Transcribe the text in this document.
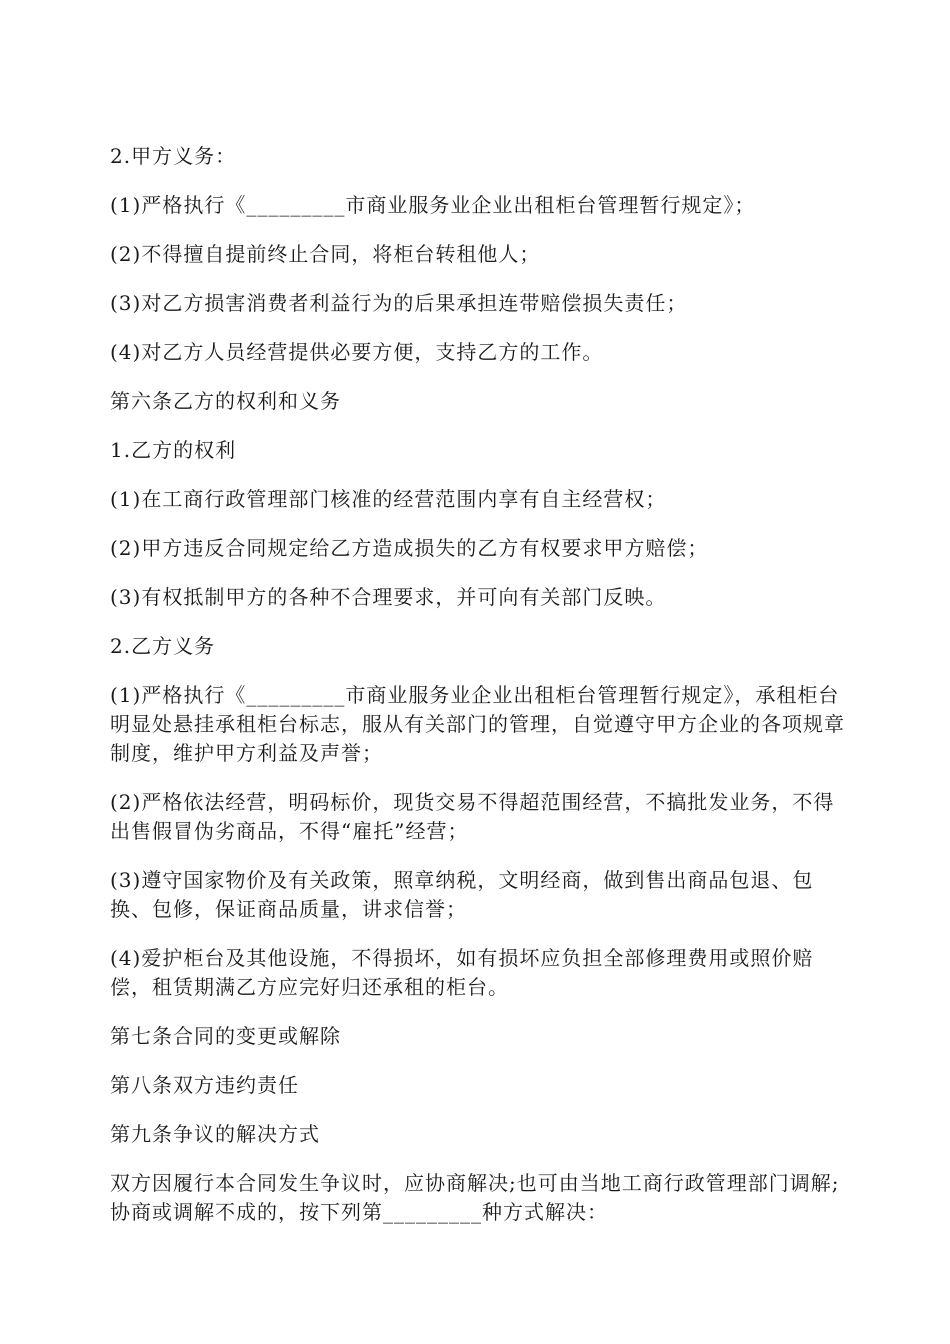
2.甲方义务：

(1)严格执行《_________市商业服务业企业出租柜台管理暂行规定》；

(2)不得擅自提前终止合同，将柜台转租他人；

(3)对乙方损害消费者利益行为的后果承担连带赔偿损失责任；

(4)对乙方人员经营提供必要方便，支持乙方的工作。

第六条乙方的权利和义务

1.乙方的权利

(1)在工商行政管理部门核准的经营范围内享有自主经营权；

(2)甲方违反合同规定给乙方造成损失的乙方有权要求甲方赔偿；

(3)有权抵制甲方的各种不合理要求，并可向有关部门反映。

2.乙方义务

(1)严格执行《_________市商业服务业企业出租柜台管理暂行规定》，承租柜台明显处悬挂承租柜台标志，服从有关部门的管理，自觉遵守甲方企业的各项规章制度，维护甲方利益及声誉；

(2)严格依法经营，明码标价，现货交易不得超范围经营，不搞批发业务，不得出售假冒伪劣商品，不得“雇托”经营；

(3)遵守国家物价及有关政策，照章纳税，文明经商，做到售出商品包退、包换、包修，保证商品质量，讲求信誉；

(4)爱护柜台及其他设施，不得损坏，如有损坏应负担全部修理费用或照价赔偿，租赁期满乙方应完好归还承租的柜台。

第七条合同的变更或解除

第八条双方违约责任

第九条争议的解决方式

双方因履行本合同发生争议时，应协商解决;也可由当地工商行政管理部门调解;协商或调解不成的，按下列第_________种方式解决：
